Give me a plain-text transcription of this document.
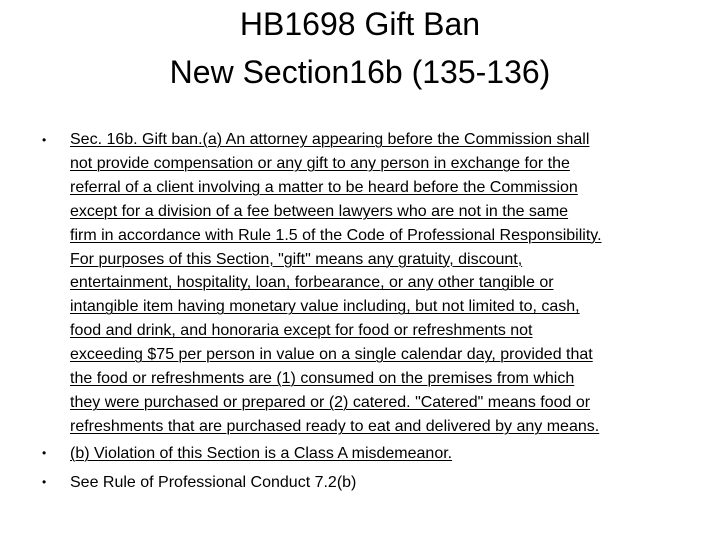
HB1698 Gift Ban
New Section16b (135-136)
• Sec. 16b. Gift ban.(a) An attorney appearing before the Commission shall
not provide compensation or any gift to any person in exchange for the
referral of a client involving a matter to be heard before the Commission
except for a division of a fee between lawyers who are not in the same
firm in accordance with Rule 1.5 of the Code of Professional Responsibility.
For purposes of this Section, "gift" means any gratuity, discount,
entertainment, hospitality, loan, forbearance, or any other tangible or
intangible item having monetary value including, but not limited to, cash,
food and drink, and honoraria except for food or refreshments not
exceeding $75 per person in value on a single calendar day, provided that
the food or refreshments are (1) consumed on the premises from which
they were purchased or prepared or (2) catered. "Catered" means food or
refreshments that are purchased ready to eat and delivered by any means.
• (b) Violation of this Section is a Class A misdemeanor.
• See Rule of Professional Conduct 7.2(b)
